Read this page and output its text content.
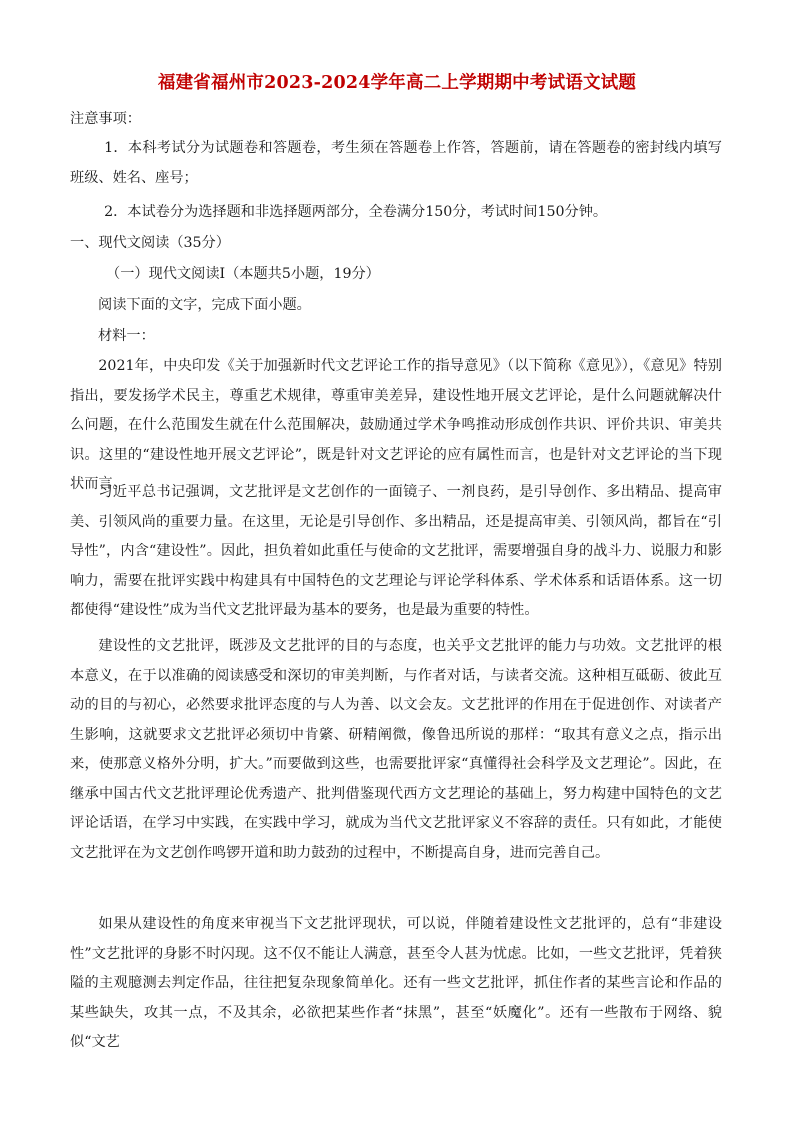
福建省福州市2023-2024学年高二上学期期中考试语文试题
注意事项：
1．本科考试分为试题卷和答题卷，考生须在答题卷上作答，答题前，请在答题卷的密封线内填写班级、姓名、座号；
2．本试卷分为选择题和非选择题两部分，全卷满分150分，考试时间150分钟。
一、现代文阅读（35分）
（一）现代文阅读Ⅰ（本题共5小题，19分）
阅读下面的文字，完成下面小题。
材料一：
2021年，中央印发《关于加强新时代文艺评论工作的指导意见》（以下简称《意见》），《意见》特别指出，要发扬学术民主，尊重艺术规律，尊重审美差异，建设性地开展文艺评论，是什么问题就解决什么问题，在什么范围发生就在什么范围解决，鼓励通过学术争鸣推动形成创作共识、评价共识、审美共识。这里的“建设性地开展文艺评论”，既是针对文艺评论的应有属性而言，也是针对文艺评论的当下现状而言。
习近平总书记强调，文艺批评是文艺创作的一面镜子、一剂良药，是引导创作、多出精品、提高审美、引领风尚的重要力量。在这里，无论是引导创作、多出精品，还是提高审美、引领风尚，都旨在“引导性”，内含“建设性”。因此，担负着如此重任与使命的文艺批评，需要增强自身的战斗力、说服力和影响力，需要在批评实践中构建具有中国特色的文艺理论与评论学科体系、学术体系和话语体系。这一切都使得“建设性”成为当代文艺批评最为基本的要务，也是最为重要的特性。
建设性的文艺批评，既涉及文艺批评的目的与态度，也关乎文艺批评的能力与功效。文艺批评的根本意义，在于以准确的阅读感受和深切的审美判断，与作者对话，与读者交流。这种相互砥砺、彼此互动的目的与初心，必然要求批评态度的与人为善、以文会友。文艺批评的作用在于促进创作、对读者产生影响，这就要求文艺批评必须切中肯綮、研精阐微，像鲁迅所说的那样：“取其有意义之点，指示出来，使那意义格外分明，扩大。”而要做到这些，也需要批评家“真懂得社会科学及文艺理论”。因此，在继承中国古代文艺批评理论优秀遗产、批判借鉴现代西方文艺理论的基础上，努力构建中国特色的文艺评论话语，在学习中实践，在实践中学习，就成为当代文艺批评家义不容辞的责任。只有如此，才能使文艺批评在为文艺创作鸣锣开道和助力鼓劲的过程中，不断提高自身，进而完善自己。
如果从建设性的角度来审视当下文艺批评现状，可以说，伴随着建设性文艺批评的，总有“非建设性”文艺批评的身影不时闪现。这不仅不能让人满意，甚至令人甚为忧虑。比如，一些文艺批评，凭着狭隘的主观臆测去判定作品，往往把复杂现象简单化。还有一些文艺批评，抓住作者的某些言论和作品的某些缺失，攻其一点，不及其余，必欲把某些作者“抹黑”，甚至“妖魔化”。还有一些散布于网络、貌似“文艺
